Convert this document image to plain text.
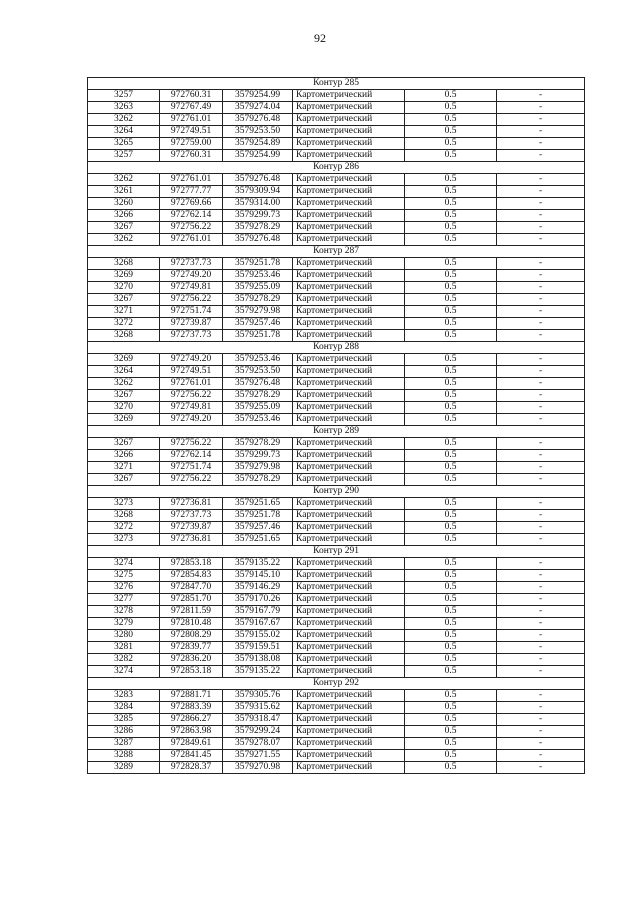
92
Контур 285					
3257	972760.31	3579254.99	Картометрический	0.5	-
3263	972767.49	3579274.04	Картометрический	0.5	-
3262	972761.01	3579276.48	Картометрический	0.5	-
3264	972749.51	3579253.50	Картометрический	0.5	-
3265	972759.00	3579254.89	Картометрический	0.5	-
3257	972760.31	3579254.99	Картометрический	0.5	-
Контур 286					
3262	972761.01	3579276.48	Картометрический	0.5	-
3261	972777.77	3579309.94	Картометрический	0.5	-
3260	972769.66	3579314.00	Картометрический	0.5	-
3266	972762.14	3579299.73	Картометрический	0.5	-
3267	972756.22	3579278.29	Картометрический	0.5	-
3262	972761.01	3579276.48	Картометрический	0.5	-
Контур 287					
3268	972737.73	3579251.78	Картометрический	0.5	-
3269	972749.20	3579253.46	Картометрический	0.5	-
3270	972749.81	3579255.09	Картометрический	0.5	-
3267	972756.22	3579278.29	Картометрический	0.5	-
3271	972751.74	3579279.98	Картометрический	0.5	-
3272	972739.87	3579257.46	Картометрический	0.5	-
3268	972737.73	3579251.78	Картометрический	0.5	-
Контур 288					
3269	972749.20	3579253.46	Картометрический	0.5	-
3264	972749.51	3579253.50	Картометрический	0.5	-
3262	972761.01	3579276.48	Картометрический	0.5	-
3267	972756.22	3579278.29	Картометрический	0.5	-
3270	972749.81	3579255.09	Картометрический	0.5	-
3269	972749.20	3579253.46	Картометрический	0.5	-
Контур 289					
3267	972756.22	3579278.29	Картометрический	0.5	-
3266	972762.14	3579299.73	Картометрический	0.5	-
3271	972751.74	3579279.98	Картометрический	0.5	-
3267	972756.22	3579278.29	Картометрический	0.5	-
Контур 290					
3273	972736.81	3579251.65	Картометрический	0.5	-
3268	972737.73	3579251.78	Картометрический	0.5	-
3272	972739.87	3579257.46	Картометрический	0.5	-
3273	972736.81	3579251.65	Картометрический	0.5	-
Контур 291					
3274	972853.18	3579135.22	Картометрический	0.5	-
3275	972854.83	3579145.10	Картометрический	0.5	-
3276	972847.70	3579146.29	Картометрический	0.5	-
3277	972851.70	3579170.26	Картометрический	0.5	-
3278	972811.59	3579167.79	Картометрический	0.5	-
3279	972810.48	3579167.67	Картометрический	0.5	-
3280	972808.29	3579155.02	Картометрический	0.5	-
3281	972839.77	3579159.51	Картометрический	0.5	-
3282	972836.20	3579138.08	Картометрический	0.5	-
3274	972853.18	3579135.22	Картометрический	0.5	-
Контур 292					
3283	972881.71	3579305.76	Картометрический	0.5	-
3284	972883.39	3579315.62	Картометрический	0.5	-
3285	972866.27	3579318.47	Картометрический	0.5	-
3286	972863.98	3579299.24	Картометрический	0.5	-
3287	972849.61	3579278.07	Картометрический	0.5	-
3288	972841.45	3579271.55	Картометрический	0.5	-
3289	972828.37	3579270.98	Картометрический	0.5	-
